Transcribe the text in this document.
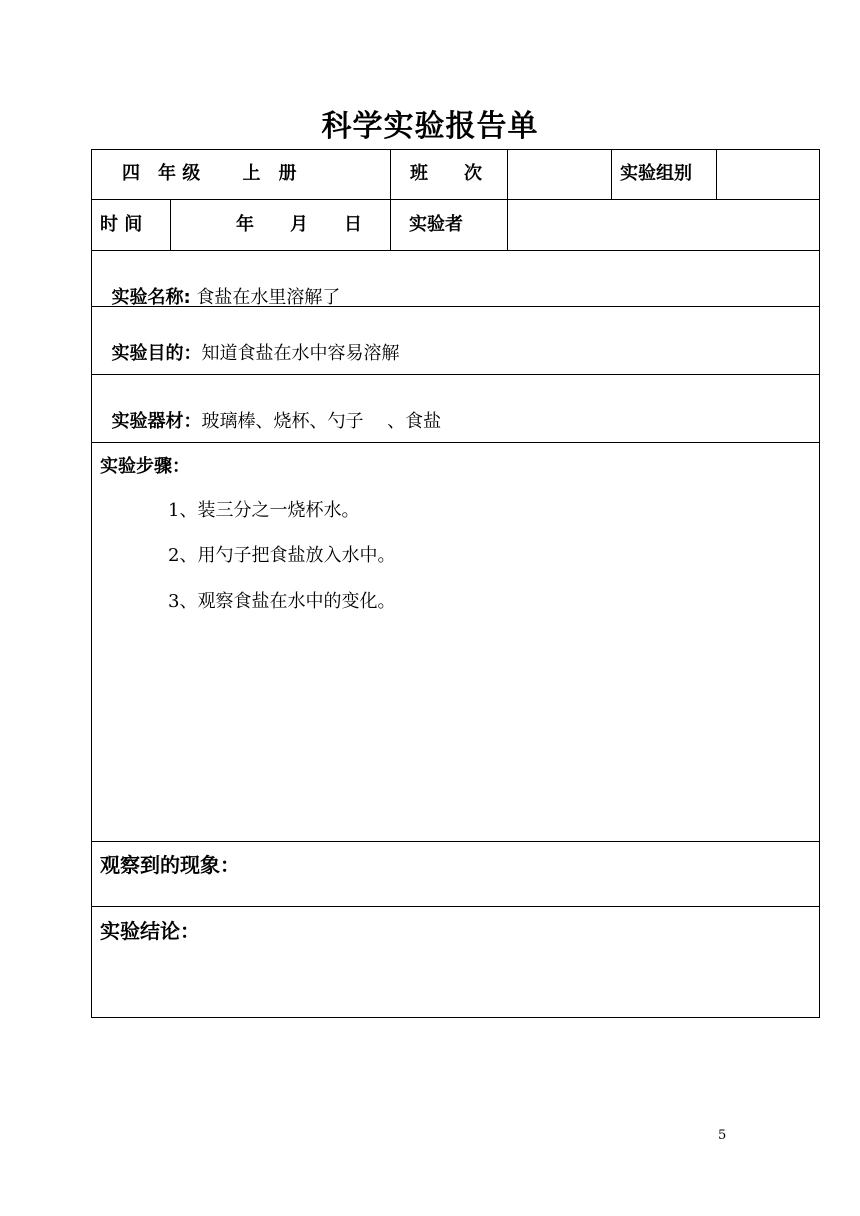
科学实验报告单
四　年 级　　 上　册	班　　次	实验组别
时 间	年　　月　　日	实验者

实验名称: 食盐在水里溶解了

实验目的：知道食盐在水中容易溶解

实验器材：玻璃棒、烧杯、勺子　 、食盐

实验步骤：
1、装三分之一烧杯水。
2、用勺子把食盐放入水中。
3、观察食盐在水中的变化。
观察到的现象：
实验结论：
5
